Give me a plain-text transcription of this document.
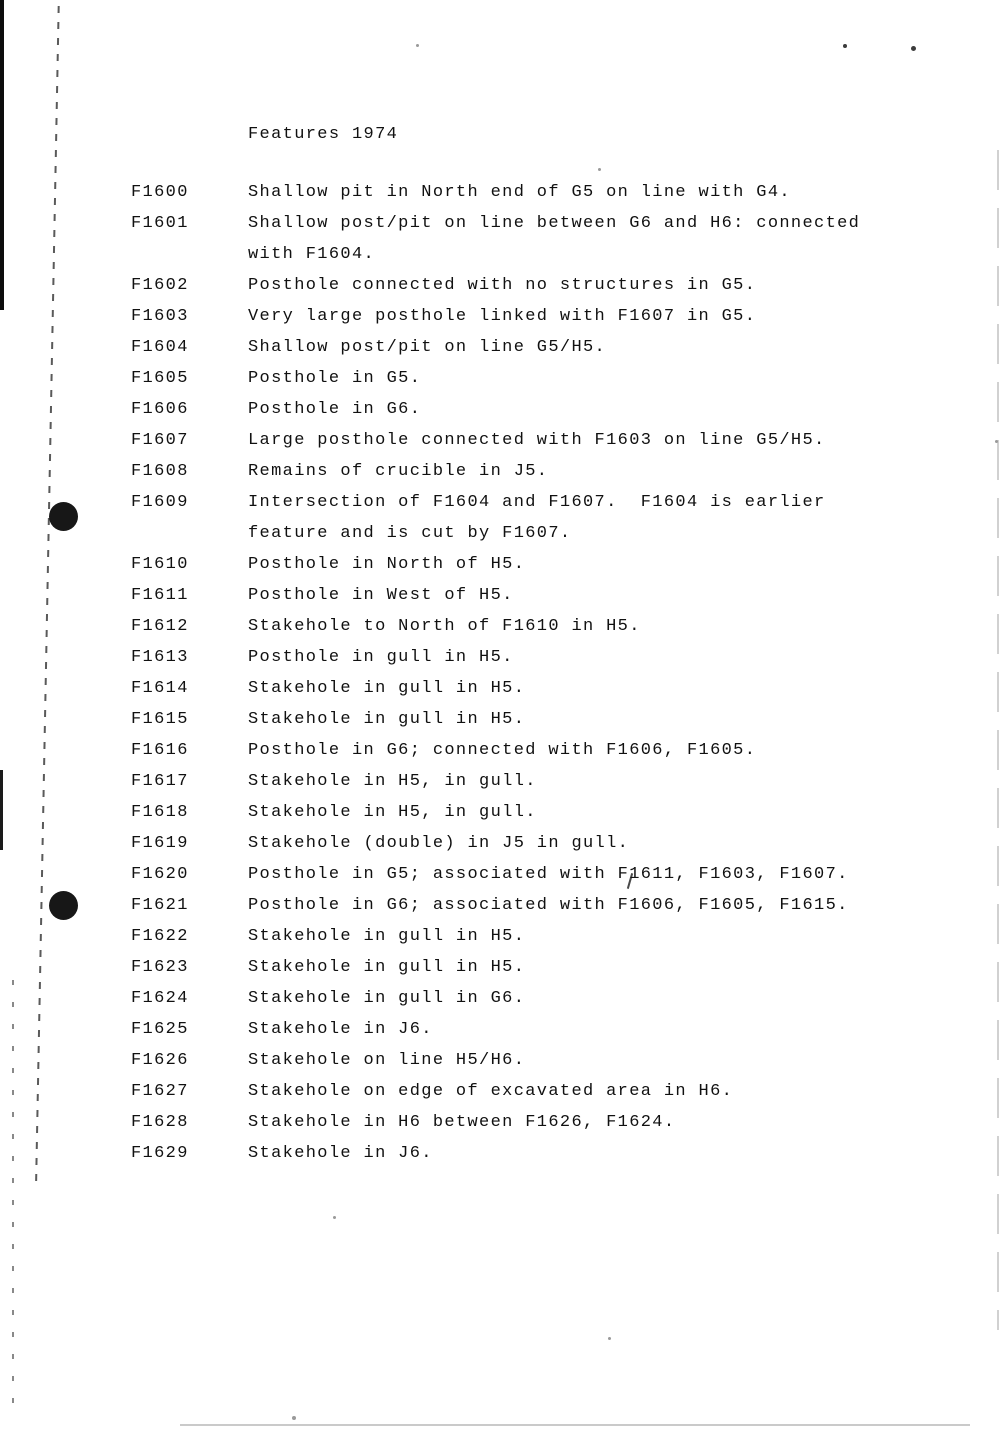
Features 1974
F1600	Shallow pit in North end of G5 on line with G4.
F1601	Shallow post/pit on line between G6 and H6: connected
with F1604.
F1602	Posthole connected with no structures in G5.
F1603	Very large posthole linked with F1607 in G5.
F1604	Shallow post/pit on line G5/H5.
F1605	Posthole in G5.
F1606	Posthole in G6.
F1607	Large posthole connected with F1603 on line G5/H5.
F1608	Remains of crucible in J5.
F1609	Intersection of F1604 and F1607.  F1604 is earlier
feature and is cut by F1607.
F1610	Posthole in North of H5.
F1611	Posthole in West of H5.
F1612	Stakehole to North of F1610 in H5.
F1613	Posthole in gull in H5.
F1614	Stakehole in gull in H5.
F1615	Stakehole in gull in H5.
F1616	Posthole in G6; connected with F1606, F1605.
F1617	Stakehole in H5, in gull.
F1618	Stakehole in H5, in gull.
F1619	Stakehole (double) in J5 in gull.
F1620	Posthole in G5; associated with F1611, F1603, F1607.
F1621	Posthole in G6; associated with F1606, F1605, F1615.
F1622	Stakehole in gull in H5.
F1623	Stakehole in gull in H5.
F1624	Stakehole in gull in G6.
F1625	Stakehole in J6.
F1626	Stakehole on line H5/H6.
F1627	Stakehole on edge of excavated area in H6.
F1628	Stakehole in H6 between F1626, F1624.
F1629	Stakehole in J6.
